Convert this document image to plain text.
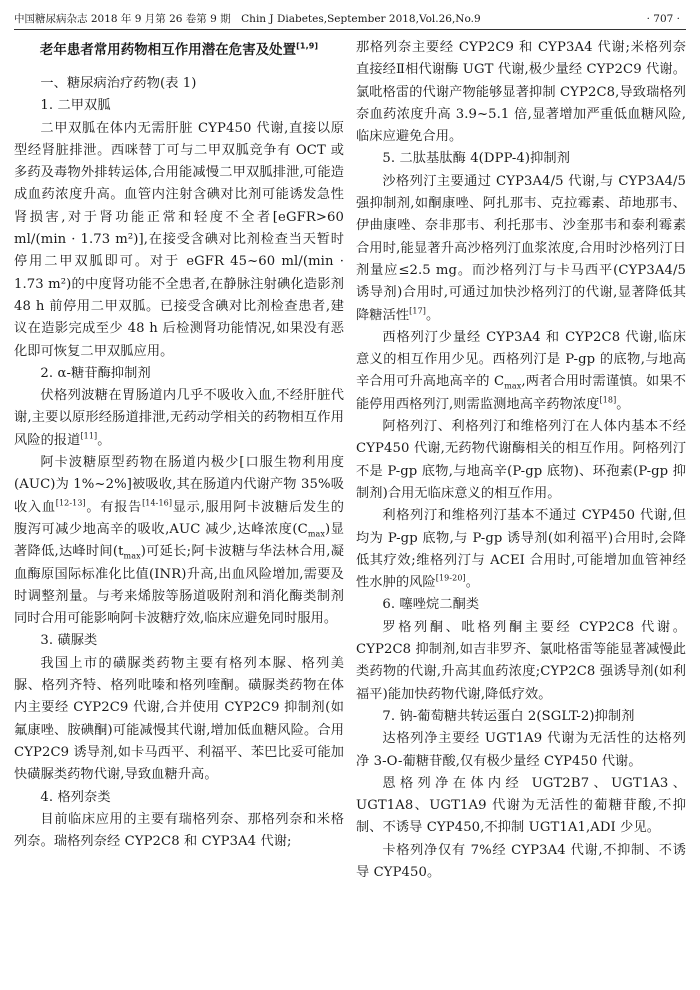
中国糖尿病杂志 2018 年 9 月第 26 卷第 9 期　Chin J Diabetes,September 2018,Vol.26,No.9	· 707 ·
老年患者常用药物相互作用潜在危害及处置[1,9]
一、糖尿病治疗药物(表 1)
1. 二甲双胍

二甲双胍在体内无需肝脏 CYP450 代谢,直接以原型经肾脏排泄。西咪替丁可与二甲双胍竞争有 OCT 或多药及毒物外排转运体,合用能减慢二甲双胍排泄,可能造成血药浓度升高。血管内注射含碘对比剂可能诱发急性肾损害,对于肾功能正常和轻度不全者[eGFR>60 ml/(min · 1.73 m²)],在接受含碘对比剂检查当天暂时停用二甲双胍即可。对于 eGFR 45~60 ml/(min · 1.73 m²)的中度肾功能不全患者,在静脉注射碘化造影剂 48 h 前停用二甲双胍。已接受含碘对比剂检查患者,建议在造影完成至少 48 h 后检测肾功能情况,如果没有恶化即可恢复二甲双胍应用。

2. α-糖苷酶抑制剂

伏格列波糖在胃肠道内几乎不吸收入血,不经肝脏代谢,主要以原形经肠道排泄,无药动学相关的药物相互作用风险的报道[11]。

阿卡波糖原型药物在肠道内极少[口服生物利用度(AUC)为 1%~2%]被吸收,其在肠道内代谢产物 35%吸收入血[12-13]。有报告[14-16]显示,服用阿卡波糖后发生的腹泻可减少地高辛的吸收,AUC 减少,达峰浓度$(C_{max})$显著降低,达峰时间$(t_{max})$可延长;阿卡波糖与华法林合用,凝血酶原国际标准化比值(INR)升高,出血风险增加,需要及时调整剂量。与考来烯胺等肠道吸附剂和消化酶类制剂同时合用可能影响阿卡波糖疗效,临床应避免同时服用。

3. 磺脲类

我国上市的磺脲类药物主要有格列本脲、格列美脲、格列齐特、格列吡嗪和格列喹酮。磺脲类药物在体内主要经 CYP2C9 代谢,合并使用 CYP2C9 抑制剂(如氟康唑、胺碘酮)可能减慢其代谢,增加低血糖风险。合用 CYP2C9 诱导剂,如卡马西平、利福平、苯巴比妥可能加快磺脲类药物代谢,导致血糖升高。

4. 格列奈类

目前临床应用的主要有瑞格列奈、那格列奈和米格列奈。瑞格列奈经 CYP2C8 和 CYP3A4 代谢;

那格列奈主要经 CYP2C9 和 CYP3A4 代谢;米格列奈直接经Ⅱ相代谢酶 UGT 代谢,极少量经 CYP2C9 代谢。氯吡格雷的代谢产物能够显著抑制 CYP2C8,导致瑞格列奈血药浓度升高 3.9~5.1 倍,显著增加严重低血糖风险,临床应避免合用。

5. 二肽基肽酶 4(DPP-4)抑制剂

沙格列汀主要通过 CYP3A4/5 代谢,与 CYP3A4/5 强抑制剂,如酮康唑、阿扎那韦、克拉霉素、茚地那韦、伊曲康唑、奈非那韦、利托那韦、沙奎那韦和泰利霉素合用时,能显著升高沙格列汀血浆浓度,合用时沙格列汀日剂量应≤2.5 mg。而沙格列汀与卡马西平(CYP3A4/5 诱导剂)合用时,可通过加快沙格列汀的代谢,显著降低其降糖活性[17]。

西格列汀少量经 CYP3A4 和 CYP2C8 代谢,临床意义的相互作用少见。西格列汀是 P-gp 的底物,与地高辛合用可升高地高辛的 $C_{max}$,两者合用时需谨慎。如果不能停用西格列汀,则需监测地高辛药物浓度[18]。

阿格列汀、利格列汀和维格列汀在人体内基本不经 CYP450 代谢,无药物代谢酶相关的相互作用。阿格列汀不是 P-gp 底物,与地高辛(P-gp 底物)、环孢素(P-gp 抑制剂)合用无临床意义的相互作用。

利格列汀和维格列汀基本不通过 CYP450 代谢,但均为 P-gp 底物,与 P-gp 诱导剂(如利福平)合用时,会降低其疗效;维格列汀与 ACEI 合用时,可能增加血管神经性水肿的风险[19-20]。

6. 噻唑烷二酮类

罗格列酮、吡格列酮主要经 CYP2C8 代谢。CYP2C8 抑制剂,如吉非罗齐、氯吡格雷等能显著减慢此类药物的代谢,升高其血药浓度;CYP2C8 强诱导剂(如利福平)能加快药物代谢,降低疗效。

7. 钠-葡萄糖共转运蛋白 2(SGLT-2)抑制剂

达格列净主要经 UGT1A9 代谢为无活性的达格列净 3-O-葡糖苷酸,仅有极少量经 CYP450 代谢。

恩格列净在体内经 UGT2B7、UGT1A3、UGT1A8、UGT1A9 代谢为无活性的葡糖苷酸,不抑制、不诱导 CYP450,不抑制 UGT1A1,ADI 少见。

卡格列净仅有 7%经 CYP3A4 代谢,不抑制、不诱导 CYP450。
